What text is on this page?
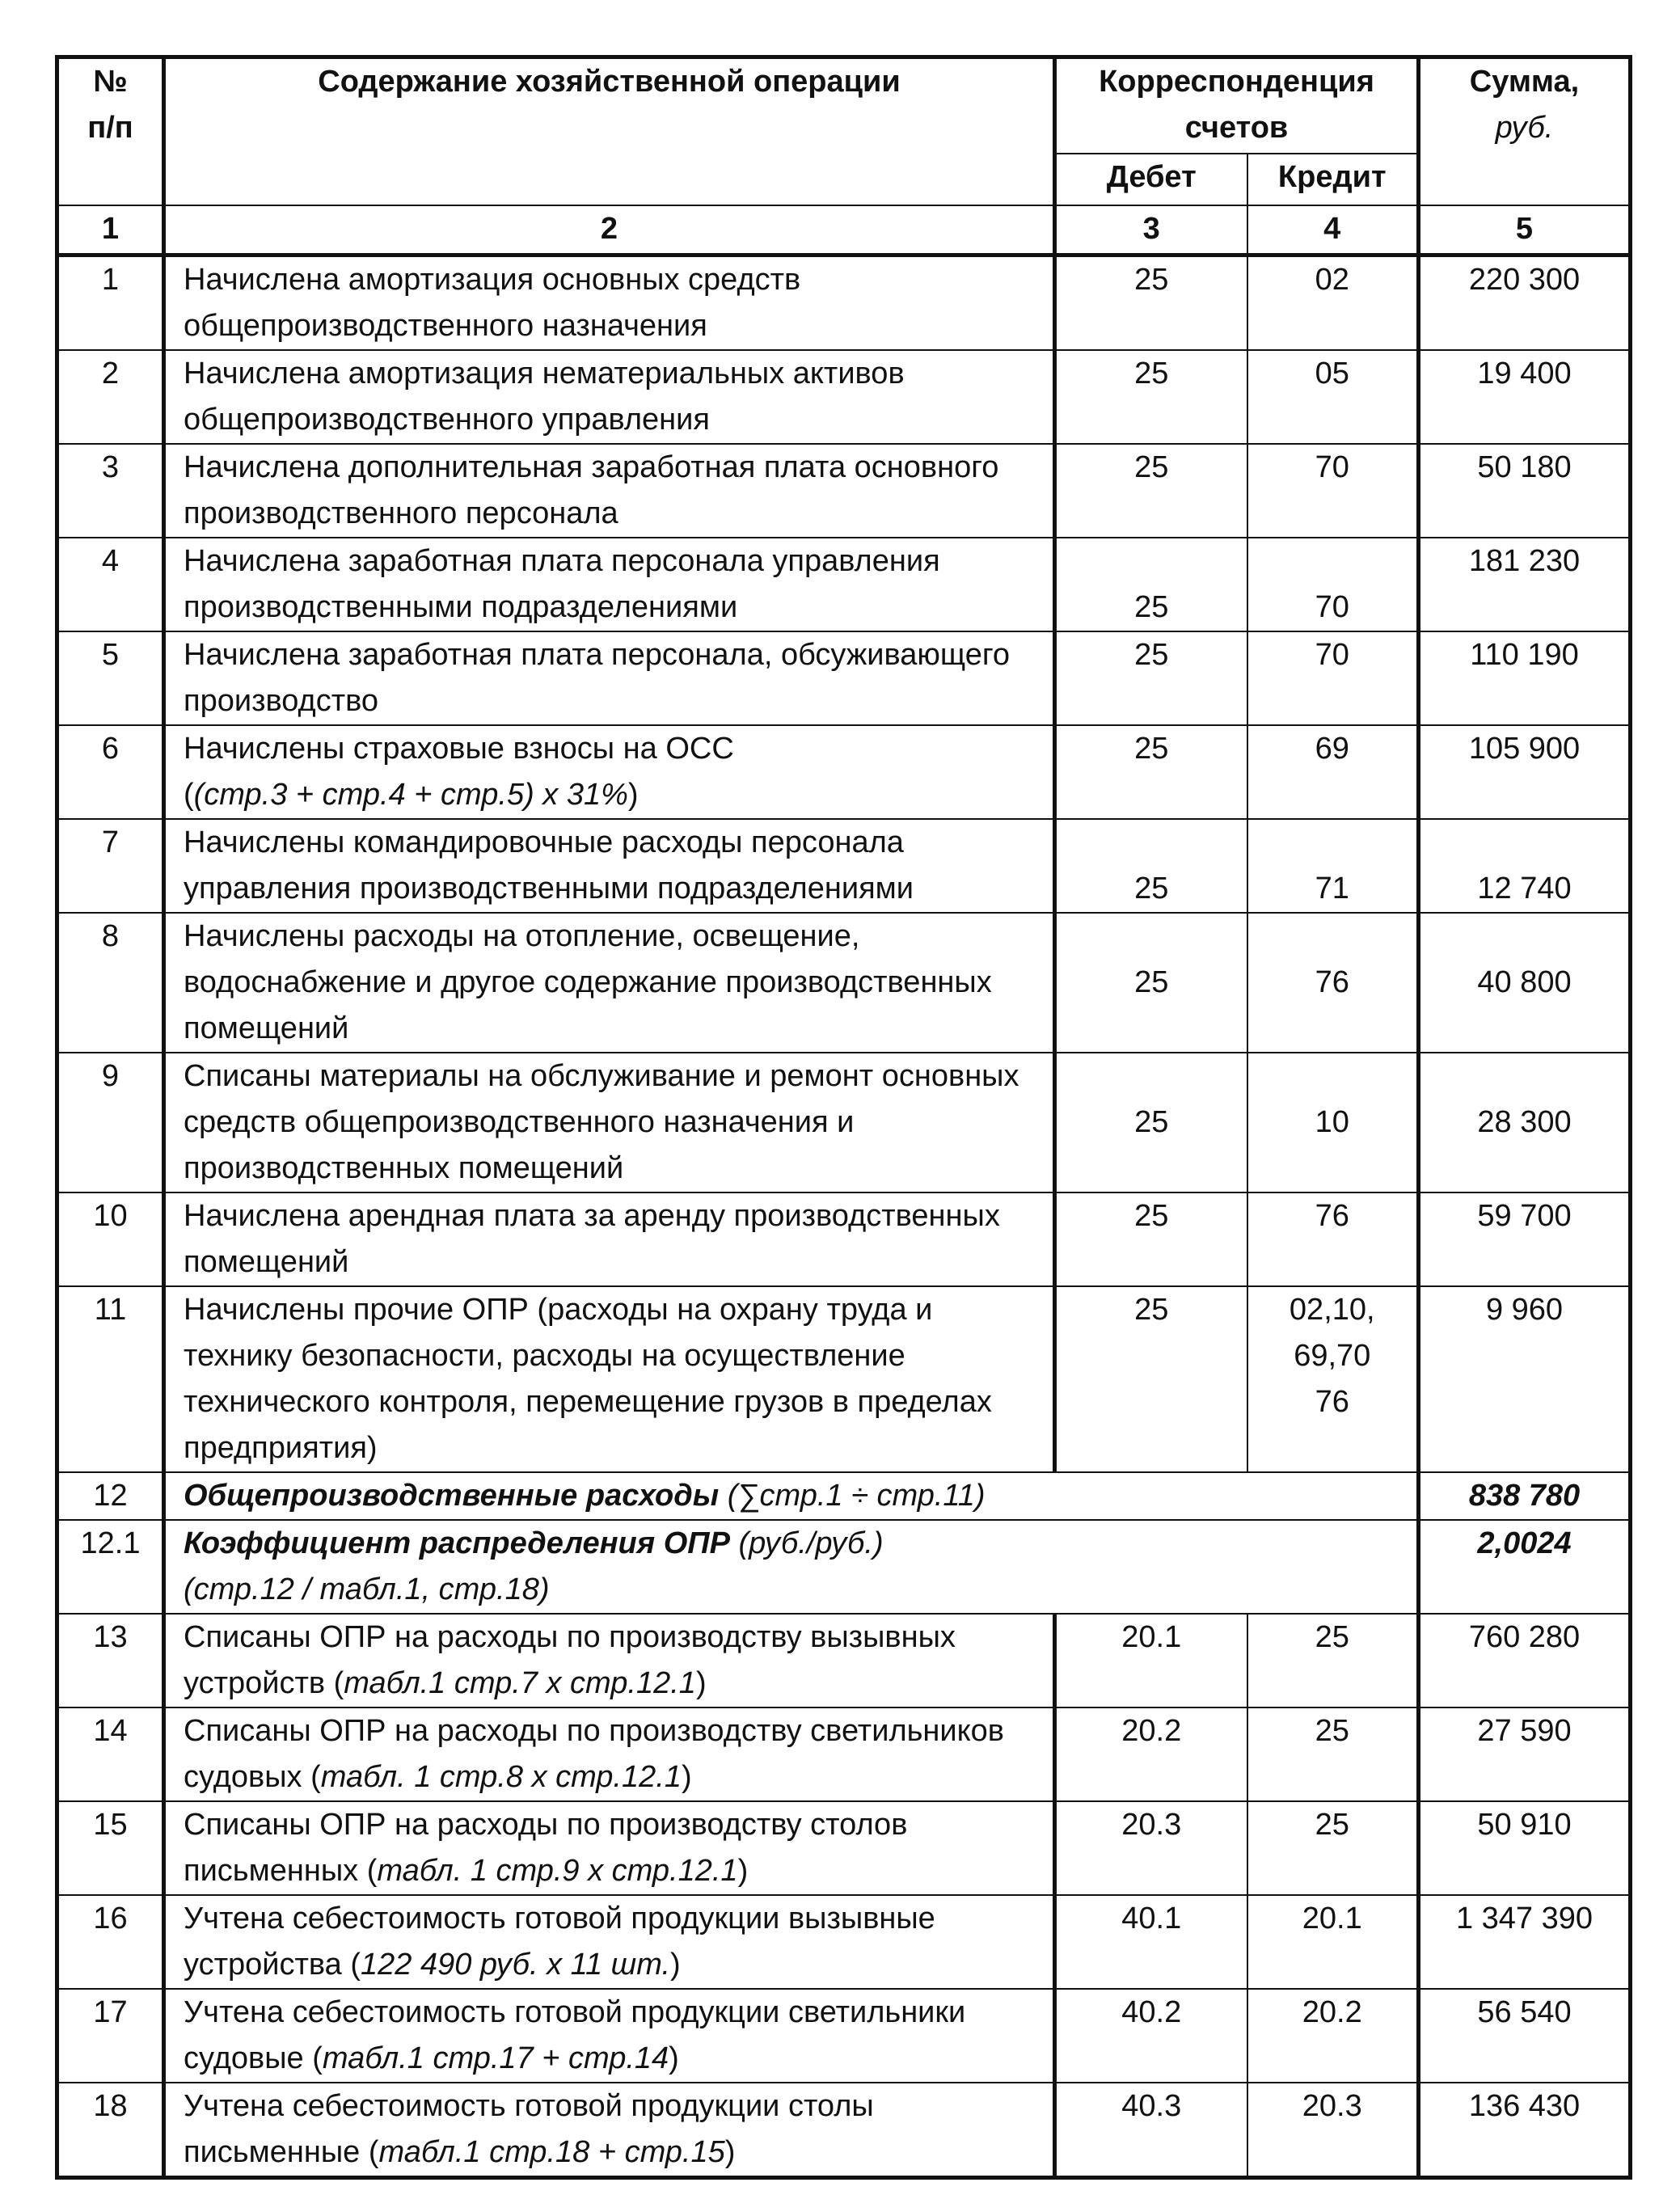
№ п/п	Содержание хозяйственной операции	Корреспонденция счетов		Сумма,
руб.
		Дебет	Кредит	
1	2	3	4	5
1	Начислена амортизация основных средств общепроизводственного назначения	25	02	220 300
2	Начислена амортизация нематериальных активов общепроизводственного управления	25	05	19 400
3	Начислена дополнительная заработная плата основного производственного персонала	25	70	50 180
4	Начислена заработная плата персонала управления производственными подразделениями	25	70	181 230
5	Начислена заработная плата персонала, обсуживающего производство	25	70	110 190
6	Начислены страховые взносы на ОСС
((стр.3 + стр.4 + стр.5) х 31%)	25	69	105 900
7	Начислены командировочные расходы персонала управления производственными подразделениями	25	71	12 740
8	Начислены расходы на отопление, освещение, водоснабжение и другое содержание производственных помещений	25	76	40 800
9	Списаны материалы на обслуживание и ремонт основных средств общепроизводственного назначения и производственных помещений	25	10	28 300
10	Начислена арендная плата за аренду производственных помещений	25	76	59 700
11	Начислены прочие ОПР (расходы на охрану труда и технику безопасности, расходы на осуществление технического контроля, перемещение грузов в пределах предприятия)	25	02,10, 69,70 76	9 960
12	Общепроизводственные расходы (∑стр.1 ÷ стр.11)			838 780
12.1	Коэффициент распределения ОПР (руб./руб.)
(стр.12 / табл.1, стр.18)			2,0024
13	Списаны ОПР на расходы по производству вызывных устройств (табл.1 стр.7 х стр.12.1)	20.1	25	760 280
14	Списаны ОПР на расходы по производству светильников судовых (табл. 1 стр.8 х стр.12.1)	20.2	25	27 590
15	Списаны ОПР на расходы по производству столов письменных (табл. 1 стр.9 х стр.12.1)	20.3	25	50 910
16	Учтена себестоимость готовой продукции вызывные устройства (122 490 руб. х 11 шт.)	40.1	20.1	1 347 390
17	Учтена себестоимость готовой продукции светильники судовые (табл.1 стр.17 + стр.14)	40.2	20.2	56 540
18	Учтена себестоимость готовой продукции столы письменные (табл.1 стр.18 + стр.15)	40.3	20.3	136 430
